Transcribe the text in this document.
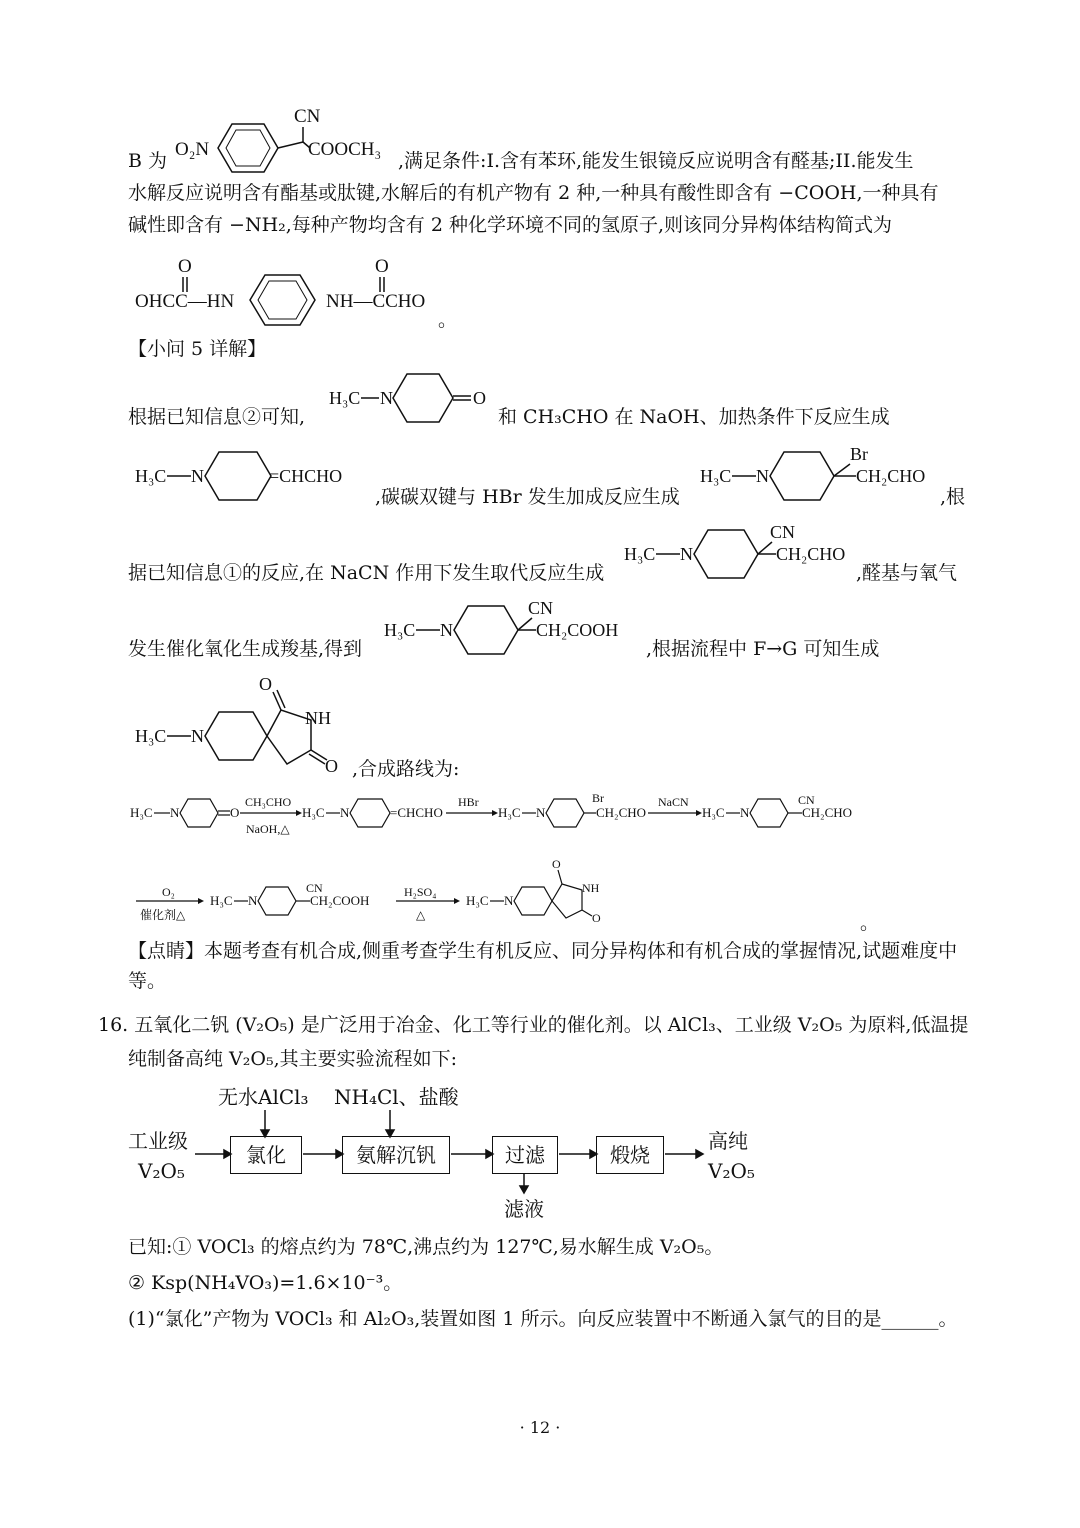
B 为
CN
O₂N	COOCH₃
,满足条件:I.含有苯环,能发生银镜反应说明含有醛基;II.能发生
水解反应说明含有酯基或肽键,水解后的有机产物有 2 种,一种具有酸性即含有 −COOH,一种具有
碱性即含有 −NH₂,每种产物均含有 2 种化学环境不同的氢原子,则该同分异构体结构简式为
O
OHCC—HN	NH—CCHO
O
。
【小问 5 详解】
根据已知信息②可知,
H₃C N	O
和 CH₃CHO 在 NaOH、加热条件下反应生成
H₃C N	=CHCHO
,碳碳双键与 HBr 发生加成反应生成
H₃C N
Br
CH₂CHO
,根
据已知信息①的反应,在 NaCN 作用下发生取代反应生成
H₃C N
CN
CH₂CHO
,醛基与氧气
发生催化氧化生成羧基,得到
H₃C N
CN
CH₂COOH
,根据流程中 F→G 可知生成
H₃C N
O
NH
O ,合成路线为:
H₃C N	O
CH₃CHO
NaOH,△
H₃C N	=CHCHO
HBr
H₃C N
Br
CH₂CHO
NaCN
H₃C N
CN
CH₂CHO
O₂
催化剂△
H₃C N
CN
CH₂COOH
H₂SO₄
△
H₃C N
O
NH
O	。
【点睛】本题考查有机合成,侧重考查学生有机反应、同分异构体和有机合成的掌握情况,试题难度中
等。
16. 五氧化二钒 (V₂O₅) 是广泛用于冶金、化工等行业的催化剂。以 AlCl₃、工业级 V₂O₅ 为原料,低温提
纯制备高纯 V₂O₅,其主要实验流程如下:
无水AlCl₃ NH₄Cl、盐酸
工业级
V₂O₅
氯化	氨解沉钒	过滤	煅烧
高纯
V₂O₅
滤液
已知:① VOCl₃ 的熔点约为 78℃,沸点约为 127℃,易水解生成 V₂O₅。
② Ksp(NH₄VO₃)=1.6×10⁻³。
(1)“氯化”产物为 VOCl₃ 和 Al₂O₃,装置如图 1 所示。向反应装置中不断通入氯气的目的是______。
· 12 ·
